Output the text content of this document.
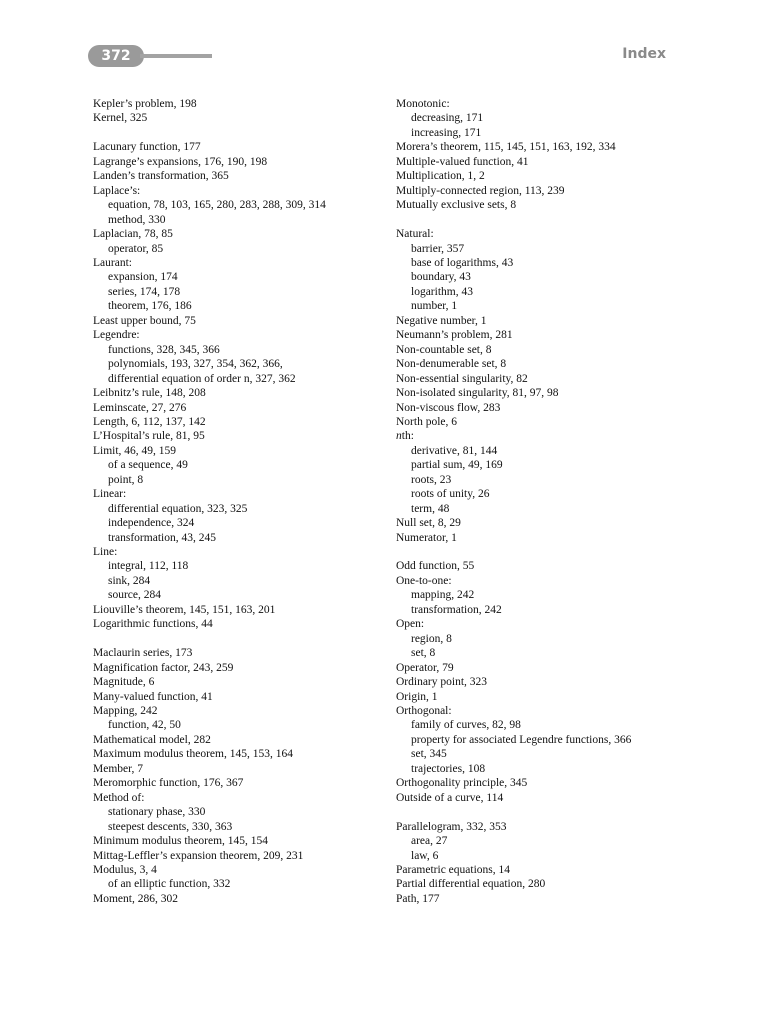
372	Index
Kepler’s problem, 198
Kernel, 325
Lacunary function, 177
Lagrange’s expansions, 176, 190, 198
Landen’s transformation, 365
Laplace’s:
equation, 78, 103, 165, 280, 283, 288, 309, 314
method, 330
Laplacian, 78, 85
operator, 85
Laurant:
expansion, 174
series, 174, 178
theorem, 176, 186
Least upper bound, 75
Legendre:
functions, 328, 345, 366
polynomials, 193, 327, 354, 362, 366,
differential equation of order n, 327, 362
Leibnitz’s rule, 148, 208
Leminscate, 27, 276
Length, 6, 112, 137, 142
L’Hospital’s rule, 81, 95
Limit, 46, 49, 159
of a sequence, 49
point, 8
Linear:
differential equation, 323, 325
independence, 324
transformation, 43, 245
Line:
integral, 112, 118
sink, 284
source, 284
Liouville’s theorem, 145, 151, 163, 201
Logarithmic functions, 44
Maclaurin series, 173
Magnification factor, 243, 259
Magnitude, 6
Many-valued function, 41
Mapping, 242
function, 42, 50
Mathematical model, 282
Maximum modulus theorem, 145, 153, 164
Member, 7
Meromorphic function, 176, 367
Method of:
stationary phase, 330
steepest descents, 330, 363
Minimum modulus theorem, 145, 154
Mittag-Leffler’s expansion theorem, 209, 231
Modulus, 3, 4
of an elliptic function, 332
Moment, 286, 302
Monotonic:
decreasing, 171
increasing, 171
Morera’s theorem, 115, 145, 151, 163, 192, 334
Multiple-valued function, 41
Multiplication, 1, 2
Multiply-connected region, 113, 239
Mutually exclusive sets, 8
Natural:
barrier, 357
base of logarithms, 43
boundary, 43
logarithm, 43
number, 1
Negative number, 1
Neumann’s problem, 281
Non-countable set, 8
Non-denumerable set, 8
Non-essential singularity, 82
Non-isolated singularity, 81, 97, 98
Non-viscous flow, 283
North pole, 6
nth:
derivative, 81, 144
partial sum, 49, 169
roots, 23
roots of unity, 26
term, 48
Null set, 8, 29
Numerator, 1
Odd function, 55
One-to-one:
mapping, 242
transformation, 242
Open:
region, 8
set, 8
Operator, 79
Ordinary point, 323
Origin, 1
Orthogonal:
family of curves, 82, 98
property for associated Legendre functions, 366
set, 345
trajectories, 108
Orthogonality principle, 345
Outside of a curve, 114
Parallelogram, 332, 353
area, 27
law, 6
Parametric equations, 14
Partial differential equation, 280
Path, 177
